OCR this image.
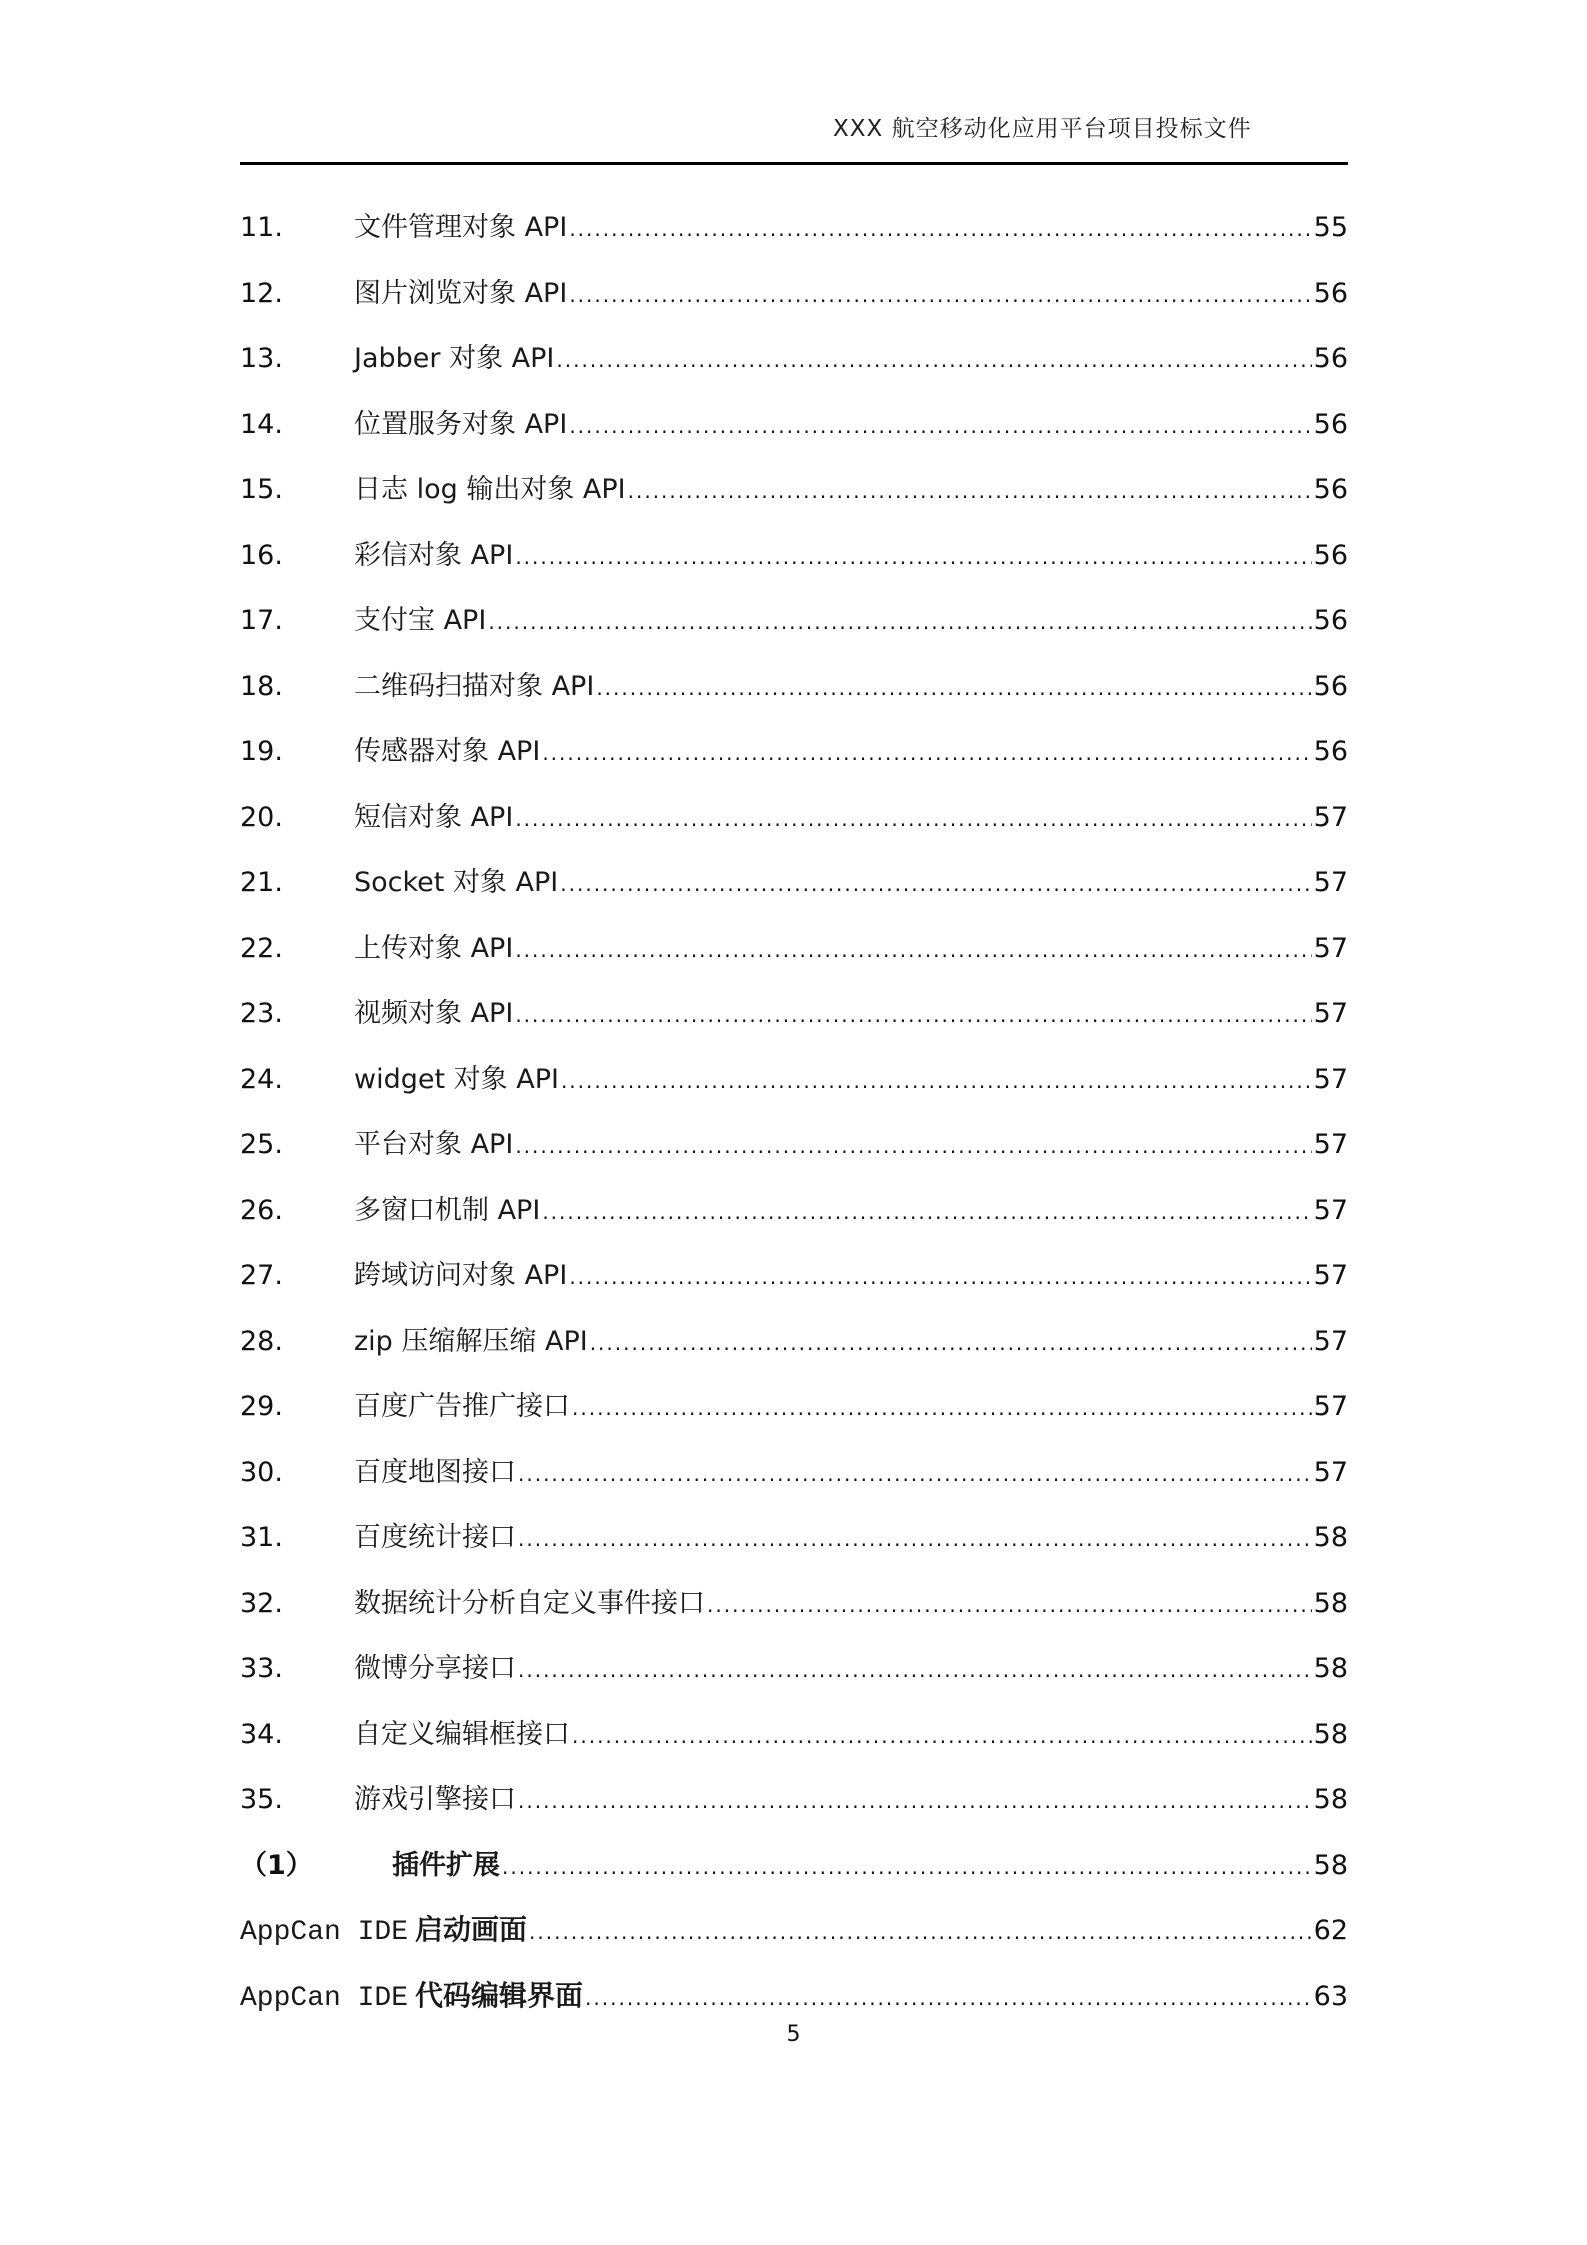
XXX 航空移动化应用平台项目投标文件
11.	文件管理对象 API .....	55
12.	图片浏览对象 API .....	56
13.	Jabber 对象 API .....	56
14.	位置服务对象 API .....	56
15.	日志 log 输出对象 API .....	56
16.	彩信对象 API .....	56
17.	支付宝 API .....	56
18.	二维码扫描对象 API .....	56
19.	传感器对象 API .....	56
20.	短信对象 API .....	57
21.	Socket 对象 API .....	57
22.	上传对象 API .....	57
23.	视频对象 API .....	57
24.	widget 对象 API .....	57
25.	平台对象 API .....	57
26.	多窗口机制 API .....	57
27.	跨域访问对象 API .....	57
28.	zip 压缩解压缩 API .....	57
29.	百度广告推广接口 .....	57
30.	百度地图接口 .....	57
31.	百度统计接口 .....	58
32.	数据统计分析自定义事件接口 .....	58
33.	微博分享接口 .....	58
34.	自定义编辑框接口 .....	58
35.	游戏引擎接口 .....	58
（1）	插件扩展 .....	58
AppCan IDE 启动画面 .....	62
AppCan IDE 代码编辑界面 .....	63
5
